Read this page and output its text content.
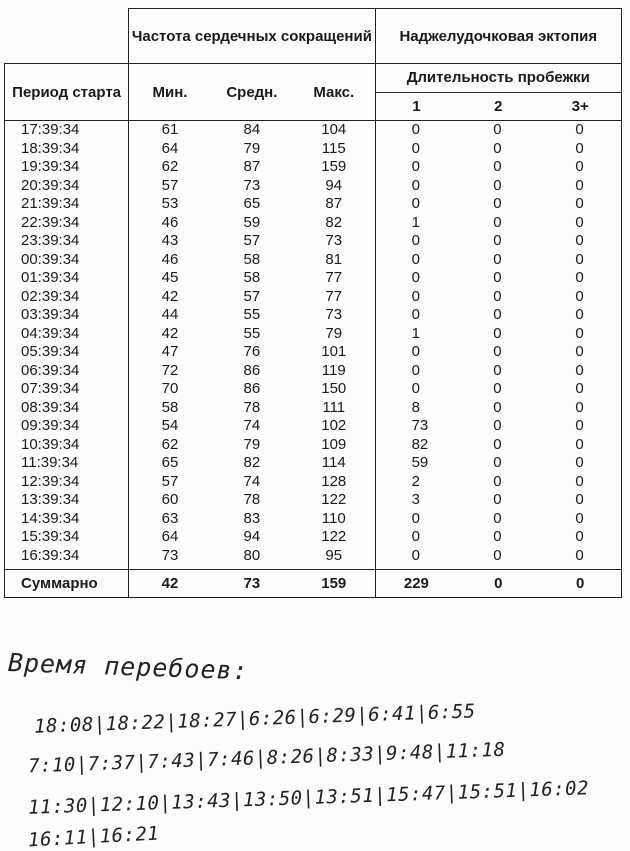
	Частота сердечных сокращений			Наджелудочковая эктопия		
Период старта	Мин.	Средн.	Макс.	Длительность пробежки		
				1	2	3+
17:39:34	61	84	104	0	0	0
18:39:34	64	79	115	0	0	0
19:39:34	62	87	159	0	0	0
20:39:34	57	73	94	0	0	0
21:39:34	53	65	87	0	0	0
22:39:34	46	59	82	1	0	0
23:39:34	43	57	73	0	0	0
00:39:34	46	58	81	0	0	0
01:39:34	45	58	77	0	0	0
02:39:34	42	57	77	0	0	0
03:39:34	44	55	73	0	0	0
04:39:34	42	55	79	1	0	0
05:39:34	47	76	101	0	0	0
06:39:34	72	86	119	0	0	0
07:39:34	70	86	150	0	0	0
08:39:34	58	78	111	8	0	0
09:39:34	54	74	102	73	0	0
10:39:34	62	79	109	82	0	0
11:39:34	65	82	114	59	0	0
12:39:34	57	74	128	2	0	0
13:39:34	60	78	122	3	0	0
14:39:34	63	83	110	0	0	0
15:39:34	64	94	122	0	0	0
16:39:34	73	80	95	0	0	0

Суммарно	42	73	159	229	0	0
Время перебоев:
18:08|18:22|18:27|6:26|6:29|6:41|6:55
7:10|7:37|7:43|7:46|8:26|8:33|9:48|11:18
11:30|12:10|13:43|13:50|13:51|15:47|15:51|16:02
16:11|16:21
